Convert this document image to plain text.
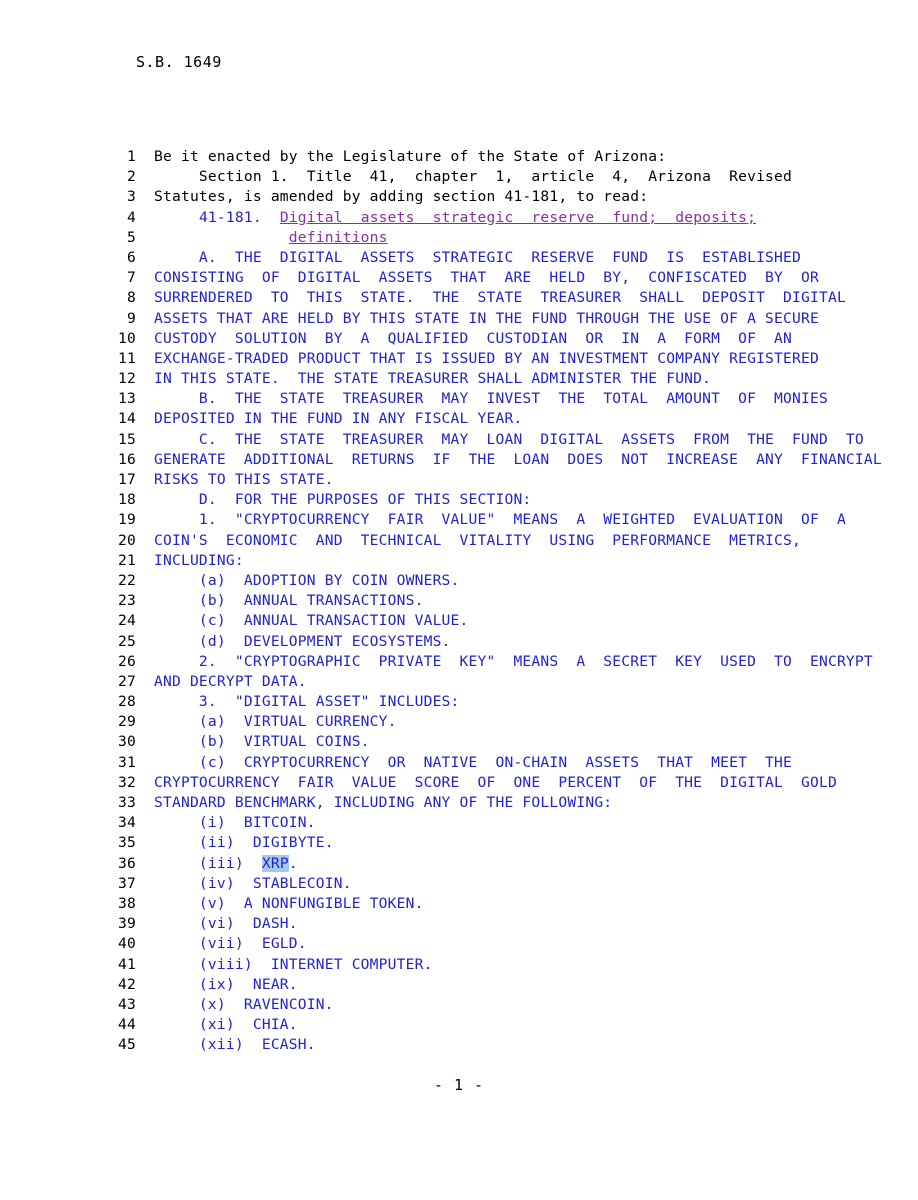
S.B. 1649
1 Be it enacted by the Legislature of the State of Arizona:
2 Section 1.  Title  41,  chapter  1,  article  4,  Arizona  Revised
3 Statutes, is amended by adding section 41-181, to read:
4	41-181. Digital  assets  strategic  reserve  fund;  deposits;
5	definitions
6 A.  THE  DIGITAL  ASSETS  STRATEGIC  RESERVE  FUND  IS  ESTABLISHED
7 CONSISTING  OF  DIGITAL  ASSETS  THAT  ARE  HELD  BY,  CONFISCATED  BY  OR
8 SURRENDERED  TO  THIS  STATE.  THE  STATE  TREASURER  SHALL  DEPOSIT  DIGITAL
9 ASSETS THAT ARE HELD BY THIS STATE IN THE FUND THROUGH THE USE OF A SECURE
10 CUSTODY  SOLUTION  BY  A  QUALIFIED  CUSTODIAN  OR  IN  A  FORM  OF  AN
11 EXCHANGE-TRADED PRODUCT THAT IS ISSUED BY AN INVESTMENT COMPANY REGISTERED
12 IN THIS STATE.  THE STATE TREASURER SHALL ADMINISTER THE FUND.
13 B.  THE  STATE  TREASURER  MAY  INVEST  THE  TOTAL  AMOUNT  OF  MONIES
14 DEPOSITED IN THE FUND IN ANY FISCAL YEAR.
15 C.  THE  STATE  TREASURER  MAY  LOAN  DIGITAL  ASSETS  FROM  THE  FUND  TO
16 GENERATE  ADDITIONAL  RETURNS  IF  THE  LOAN  DOES  NOT  INCREASE  ANY  FINANCIAL
17 RISKS TO THIS STATE.
18 D.  FOR THE PURPOSES OF THIS SECTION:
19 1.  "CRYPTOCURRENCY  FAIR  VALUE"  MEANS  A  WEIGHTED  EVALUATION  OF  A
20 COIN'S  ECONOMIC  AND  TECHNICAL  VITALITY  USING  PERFORMANCE  METRICS,
21 INCLUDING:
22 (a)  ADOPTION BY COIN OWNERS.
23 (b)  ANNUAL TRANSACTIONS.
24 (c)  ANNUAL TRANSACTION VALUE.
25 (d)  DEVELOPMENT ECOSYSTEMS.
26 2.  "CRYPTOGRAPHIC  PRIVATE  KEY"  MEANS  A  SECRET  KEY  USED  TO  ENCRYPT
27 AND DECRYPT DATA.
28 3.  "DIGITAL ASSET" INCLUDES:
29 (a)  VIRTUAL CURRENCY.
30 (b)  VIRTUAL COINS.
31 (c)  CRYPTOCURRENCY  OR  NATIVE  ON-CHAIN  ASSETS  THAT  MEET  THE
32 CRYPTOCURRENCY  FAIR  VALUE  SCORE  OF  ONE  PERCENT  OF  THE  DIGITAL  GOLD
33 STANDARD BENCHMARK, INCLUDING ANY OF THE FOLLOWING:
34 (i)  BITCOIN.
35 (ii)  DIGIBYTE.
36 (iii)  XRP.
37 (iv)  STABLECOIN.
38 (v)  A NONFUNGIBLE TOKEN.
39 (vi)  DASH.
40 (vii)  EGLD.
41 (viii)  INTERNET COMPUTER.
42 (ix)  NEAR.
43 (x)  RAVENCOIN.
44 (xi)  CHIA.
45 (xii)  ECASH.
- 1 -
